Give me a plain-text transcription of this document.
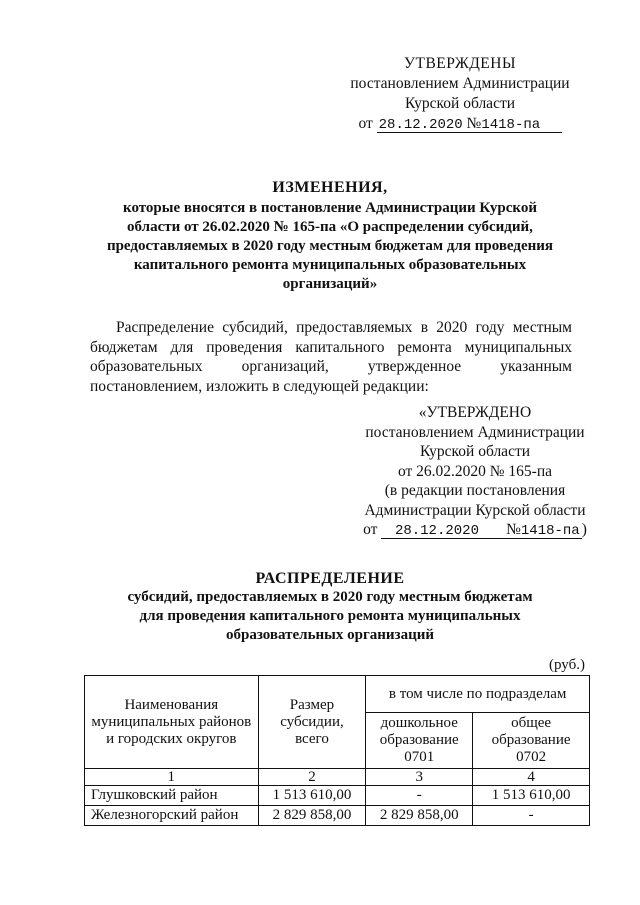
УТВЕРЖДЕНЫ
постановлением Администрации
Курской области
от 28.12.2020 №1418-па
ИЗМЕНЕНИЯ,
которые вносятся в постановление Администрации Курской
области от 26.02.2020 № 165-па «О распределении субсидий,
предоставляемых в 2020 году местным бюджетам для проведения
капитального ремонта муниципальных образовательных
организаций»
Распределение субсидий, предоставляемых в 2020 году местным бюджетам для проведения капитального ремонта муниципальных образовательных организаций, утвержденное указанным постановлением, изложить в следующей редакции:
«УТВЕРЖДЕНО
постановлением Администрации
Курской области
от 26.02.2020 № 165-па
(в редакции постановления
Администрации Курской области
от 28.12.2020 №1418-па )
РАСПРЕДЕЛЕНИЕ
субсидий, предоставляемых в 2020 году местным бюджетам
для проведения капитального ремонта муниципальных
образовательных организаций
(руб.)
Наименования муниципальных районов и городских округов	Размер субсидии, всего	в том числе по подразделам	
		дошкольное образование 0701	общее образование 0702
1	2	3	4
Глушковский район	1 513 610,00	-	1 513 610,00
Железногорский район	2 829 858,00	2 829 858,00	-
